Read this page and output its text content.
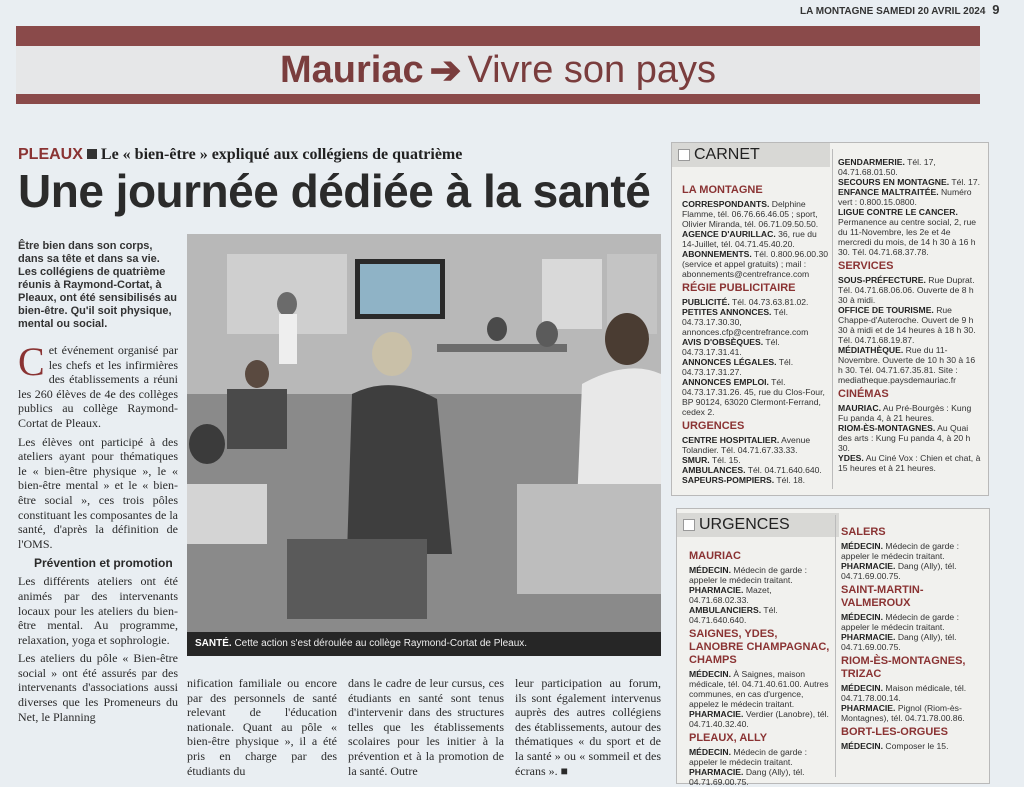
LA MONTAGNE SAMEDI 20 AVRIL 2024 9
Mauriac ➔ Vivre son pays
PLEAUX Le « bien-être » expliqué aux collégiens de quatrième
Une journée dédiée à la santé
Être bien dans son corps, dans sa tête et dans sa vie. Les collégiens de quatrième réunis à Raymond-Cortat, à Pleaux, ont été sensibilisés au bien-être. Qu'il soit physique, mental ou social.

Cet événement organisé par les chefs et les infirmières des établissements a réuni les 260 élèves de 4e des collèges publics au collège Raymond-Cortat de Pleaux.

Les élèves ont participé à des ateliers ayant pour thématiques le « bien-être physique », le « bien-être mental » et le « bien-être social », ces trois pôles constituant les composantes de la santé, d'après la définition de l'OMS.

Prévention et promotion

Les différents ateliers ont été animés par des intervenants locaux pour les ateliers du bien-être mental. Au programme, relaxation, yoga et sophrologie.

Les ateliers du pôle « Bien-être social » ont été assurés par des intervenants d'associations aussi diverses que les Promeneurs du Net, le Planning

SANTÉ. Cette action s'est déroulée au collège Raymond-Cortat de Pleaux.

nification familiale ou encore par des personnels de santé relevant de l'éducation nationale. Quant au pôle « bien-être physique », il a été pris en charge par des étudiants du

dans le cadre de leur cursus, ces étudiants en santé sont tenus d'intervenir dans des structures telles que les établissements scolaires pour les initier à la prévention et à la promotion de la santé. Outre

leur participation au forum, ils sont également intervenus auprès des autres collégiens des établissements, autour des thématiques « du sport et de la santé » ou « sommeil et des écrans ». ■

CARNET
LA MONTAGNE
CORRESPONDANTS. Delphine Flamme, tél. 06.76.66.46.05 ; sport, Olivier Miranda, tél. 06.71.09.50.50.
AGENCE D'AURILLAC. 36, rue du 14-Juillet, tél. 04.71.45.40.20.
ABONNEMENTS. Tél. 0.800.96.00.30 (service et appel gratuits) ; mail : abonnements@centrefrance.com
RÉGIE PUBLICITAIRE
PUBLICITÉ. Tél. 04.73.63.81.02.
PETITES ANNONCES. Tél. 04.73.17.30.30, annonces.cfp@centrefrance.com
AVIS D'OBSÈQUES. Tél. 04.73.17.31.41.
ANNONCES LÉGALES. Tél. 04.73.17.31.27.
ANNONCES EMPLOI. Tél. 04.73.17.31.26. 45, rue du Clos-Four, BP 90124, 63020 Clermont-Ferrand, cedex 2.
URGENCES
CENTRE HOSPITALIER. Avenue Tolandier. Tél. 04.71.67.33.33.
SMUR. Tél. 15.
AMBULANCES. Tél. 04.71.640.640.
SAPEURS-POMPIERS. Tél. 18.
GENDARMERIE. Tél. 17, 04.71.68.01.50.
SECOURS EN MONTAGNE. Tél. 17.
ENFANCE MALTRAITÉE. Numéro vert : 0.800.15.0800.
LIGUE CONTRE LE CANCER. Permanence au centre social, 2, rue du 11-Novembre, les 2e et 4e mercredi du mois, de 14 h 30 à 16 h 30. Tél. 04.71.68.37.78.
SERVICES
SOUS-PRÉFECTURE. Rue Duprat. Tél. 04.71.68.06.06. Ouverte de 8 h 30 à midi.
OFFICE DE TOURISME. Rue Chappe-d'Auteroche. Ouvert de 9 h 30 à midi et de 14 heures à 18 h 30. Tél. 04.71.68.19.87.
MÉDIATHÈQUE. Rue du 11-Novembre. Ouverte de 10 h 30 à 16 h 30. Tél. 04.71.67.35.81. Site : mediatheque.paysdemauriac.fr
CINÉMAS
MAURIAC. Au Pré-Bourgès : Kung Fu panda 4, à 21 heures.
RIOM-ÈS-MONTAGNES. Au Quai des arts : Kung Fu panda 4, à 20 h 30.
YDES. Au Ciné Vox : Chien et chat, à 15 heures et à 21 heures.
URGENCES
MAURIAC
MÉDECIN. Médecin de garde : appeler le médecin traitant.
PHARMACIE. Mazet, 04.71.68.02.33.
AMBULANCIERS. Tél. 04.71.640.640.
SAIGNES, YDES, LANOBRE CHAMPAGNAC, CHAMPS
MÉDECIN. À Saignes, maison médicale, tél. 04.71.40.61.00. Autres communes, en cas d'urgence, appelez le médecin traitant.
PHARMACIE. Verdier (Lanobre), tél. 04.71.40.32.40.
PLEAUX, ALLY
MÉDECIN. Médecin de garde : appeler le médecin traitant.
PHARMACIE. Dang (Ally), tél. 04.71.69.00.75.
SALERS
MÉDECIN. Médecin de garde : appeler le médecin traitant.
PHARMACIE. Dang (Ally), tél. 04.71.69.00.75.
SAINT-MARTIN-VALMEROUX
MÉDECIN. Médecin de garde : appeler le médecin traitant.
PHARMACIE. Dang (Ally), tél. 04.71.69.00.75.
RIOM-ÈS-MONTAGNES, TRIZAC
MÉDECIN. Maison médicale, tél. 04.71.78.00.14.
PHARMACIE. Pignol (Riom-ès-Montagnes), tél. 04.71.78.00.86.
BORT-LES-ORGUES
MÉDECIN. Composer le 15.
